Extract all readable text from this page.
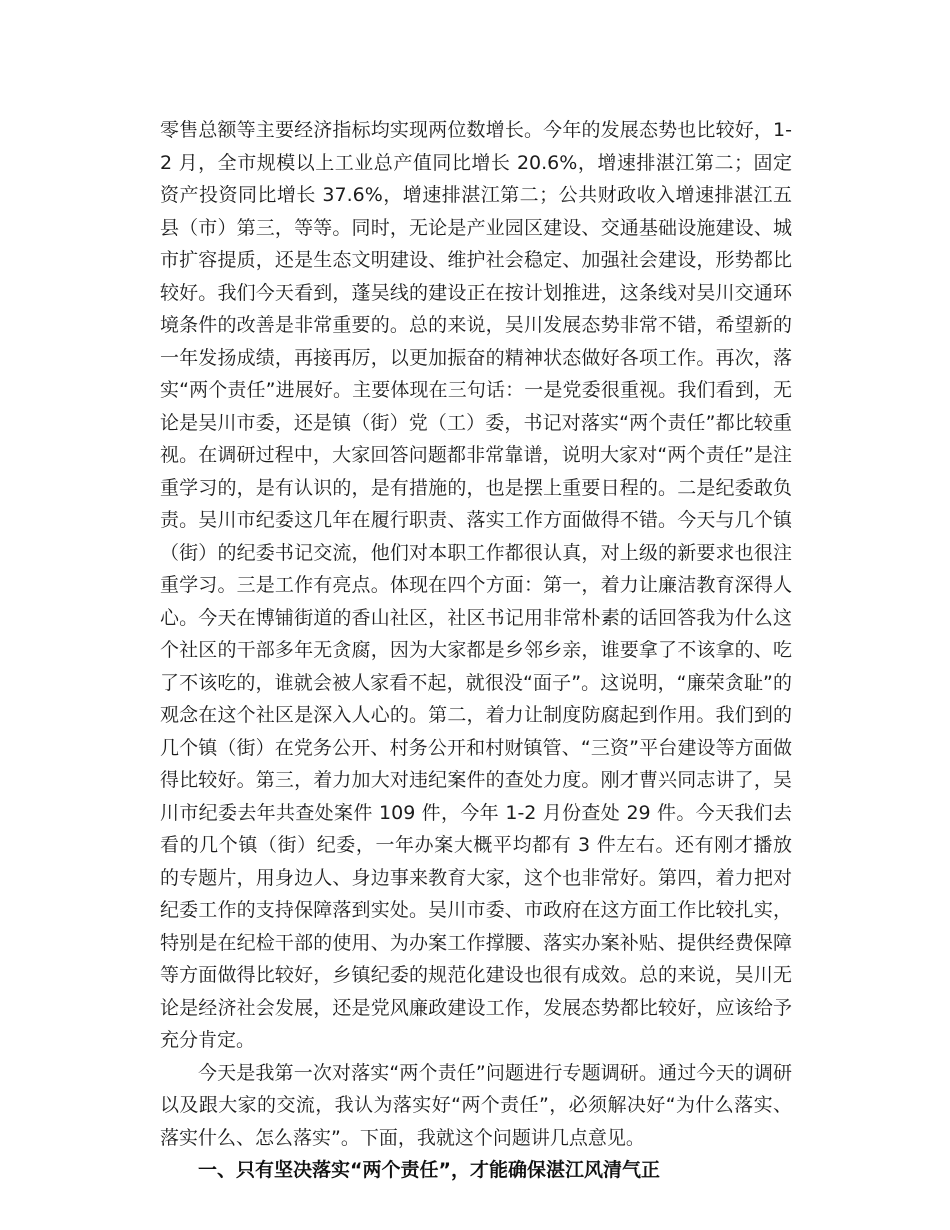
零售总额等主要经济指标均实现两位数增长。今年的发展态势也比较好，1-2 月，全市规模以上工业总产值同比增长 20.6%，增速排湛江第二；固定资产投资同比增长 37.6%，增速排湛江第二；公共财政收入增速排湛江五县（市）第三，等等。同时，无论是产业园区建设、交通基础设施建设、城市扩容提质，还是生态文明建设、维护社会稳定、加强社会建设，形势都比较好。我们今天看到，蓬吴线的建设正在按计划推进，这条线对吴川交通环境条件的改善是非常重要的。总的来说，吴川发展态势非常不错，希望新的一年发扬成绩，再接再厉，以更加振奋的精神状态做好各项工作。再次，落实“两个责任”进展好。主要体现在三句话：一是党委很重视。我们看到，无论是吴川市委，还是镇（街）党（工）委，书记对落实“两个责任”都比较重视。在调研过程中，大家回答问题都非常靠谱，说明大家对“两个责任”是注重学习的，是有认识的，是有措施的，也是摆上重要日程的。二是纪委敢负责。吴川市纪委这几年在履行职责、落实工作方面做得不错。今天与几个镇（街）的纪委书记交流，他们对本职工作都很认真，对上级的新要求也很注重学习。三是工作有亮点。体现在四个方面：第一，着力让廉洁教育深得人心。今天在博铺街道的香山社区，社区书记用非常朴素的话回答我为什么这个社区的干部多年无贪腐，因为大家都是乡邻乡亲，谁要拿了不该拿的、吃了不该吃的，谁就会被人家看不起，就很没“面子”。这说明，“廉荣贪耻”的观念在这个社区是深入人心的。第二，着力让制度防腐起到作用。我们到的几个镇（街）在党务公开、村务公开和村财镇管、“三资”平台建设等方面做得比较好。第三，着力加大对违纪案件的查处力度。刚才曹兴同志讲了，吴川市纪委去年共查处案件 109 件，今年 1-2 月份查处 29 件。今天我们去看的几个镇（街）纪委，一年办案大概平均都有 3 件左右。还有刚才播放的专题片，用身边人、身边事来教育大家，这个也非常好。第四，着力把对纪委工作的支持保障落到实处。吴川市委、市政府在这方面工作比较扎实，特别是在纪检干部的使用、为办案工作撑腰、落实办案补贴、提供经费保障等方面做得比较好，乡镇纪委的规范化建设也很有成效。总的来说，吴川无论是经济社会发展，还是党风廉政建设工作，发展态势都比较好，应该给予充分肯定。

今天是我第一次对落实“两个责任”问题进行专题调研。通过今天的调研以及跟大家的交流，我认为落实好“两个责任”，必须解决好“为什么落实、落实什么、怎么落实”。下面，我就这个问题讲几点意见。

一、只有坚决落实“两个责任”，才能确保湛江风清气正
